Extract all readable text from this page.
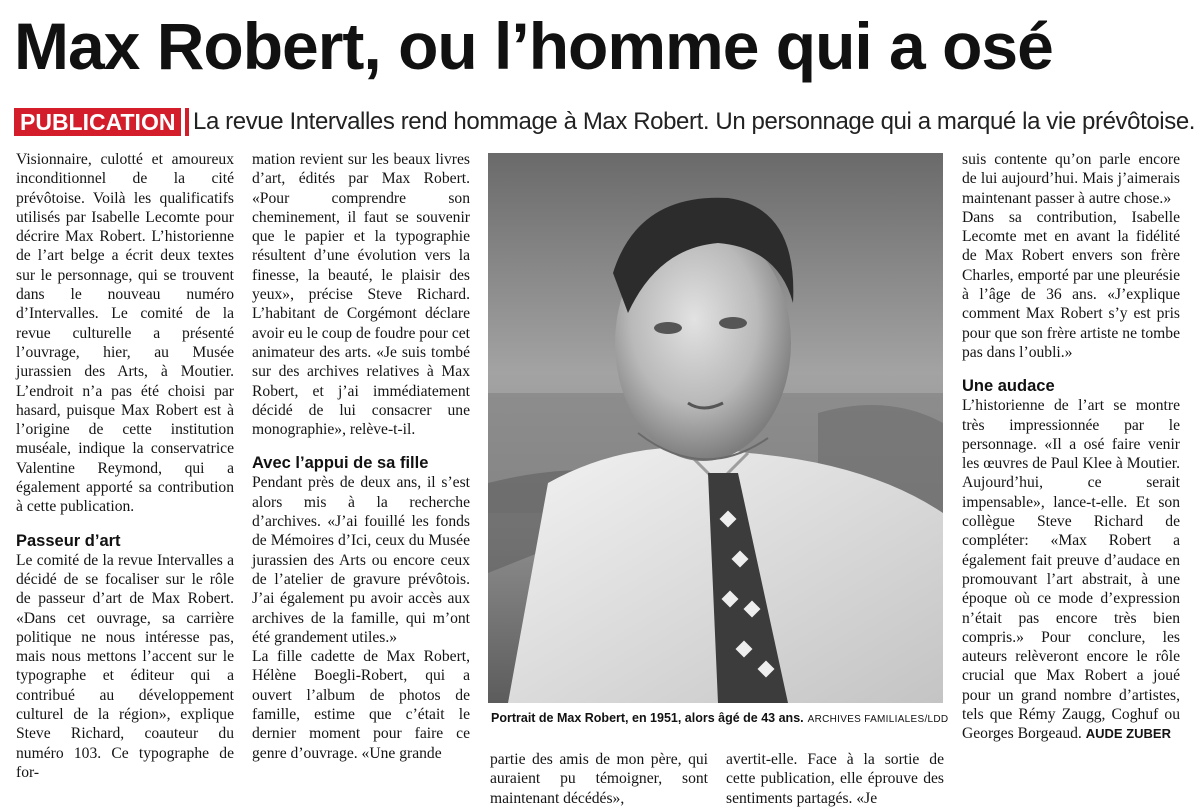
Max Robert, ou l’homme qui a osé
PUBLICATION La revue Intervalles rend hommage à Max Robert. Un personnage qui a marqué la vie prévôtoise.

Visionnaire, culotté et amoureux inconditionnel de la cité prévôtoise. Voilà les qualificatifs utilisés par Isabelle Lecomte pour décrire Max Robert. L’historienne de l’art belge a écrit deux textes sur le personnage, qui se trouvent dans le nouveau numéro d’Intervalles. Le comité de la revue culturelle a présenté l’ouvrage, hier, au Musée jurassien des Arts, à Moutier. L’endroit n’a pas été choisi par hasard, puisque Max Robert est à l’origine de cette institution muséale, indique la conservatrice Valentine Reymond, qui a également apporté sa contribution à cette publication.

Passeur d’art

Le comité de la revue Intervalles a décidé de se focaliser sur le rôle de passeur d’art de Max Robert. «Dans cet ouvrage, sa carrière politique ne nous intéresse pas, mais nous mettons l’accent sur le typographe et éditeur qui a contribué au développement culturel de la région», explique Steve Richard, coauteur du numéro 103. Ce typographe de for-

mation revient sur les beaux livres d’art, édités par Max Robert. «Pour comprendre son cheminement, il faut se souvenir que le papier et la typographie résultent d’une évolution vers la finesse, la beauté, le plaisir des yeux», précise Steve Richard. L’habitant de Corgémont déclare avoir eu le coup de foudre pour cet animateur des arts. «Je suis tombé sur des archives relatives à Max Robert, et j’ai immédiatement décidé de lui consacrer une monographie», relève-t-il.

Avec l’appui de sa fille

Pendant près de deux ans, il s’est alors mis à la recherche d’archives. «J’ai fouillé les fonds de Mémoires d’Ici, ceux du Musée jurassien des Arts ou encore ceux de l’atelier de gravure prévôtois. J’ai également pu avoir accès aux archives de la famille, qui m’ont été grandement utiles.»

La fille cadette de Max Robert, Hélène Boegli-Robert, qui a ouvert l’album de photos de famille, estime que c’était le dernier moment pour faire ce genre d’ouvrage. «Une grande

Portrait de Max Robert, en 1951, alors âgé de 43 ans. ARCHIVES FAMILIALES/LDD

partie des amis de mon père, qui auraient pu témoigner, sont maintenant décédés»,

avertit-elle. Face à la sortie de cette publication, elle éprouve des sentiments partagés. «Je

suis contente qu’on parle encore de lui aujourd’hui. Mais j’aimerais maintenant passer à autre chose.»

Dans sa contribution, Isabelle Lecomte met en avant la fidélité de Max Robert envers son frère Charles, emporté par une pleurésie à l’âge de 36 ans. «J’explique comment Max Robert s’y est pris pour que son frère artiste ne tombe pas dans l’oubli.»

Une audace

L’historienne de l’art se montre très impressionnée par le personnage. «Il a osé faire venir les œuvres de Paul Klee à Moutier. Aujourd’hui, ce serait impensable», lance-t-elle. Et son collègue Steve Richard de compléter: «Max Robert a également fait preuve d’audace en promouvant l’art abstrait, à une époque où ce mode d’expression n’était pas encore très bien compris.» Pour conclure, les auteurs relèveront encore le rôle crucial que Max Robert a joué pour un grand nombre d’artistes, tels que Rémy Zaugg, Coghuf ou Georges Borgeaud. AUDE ZUBER
